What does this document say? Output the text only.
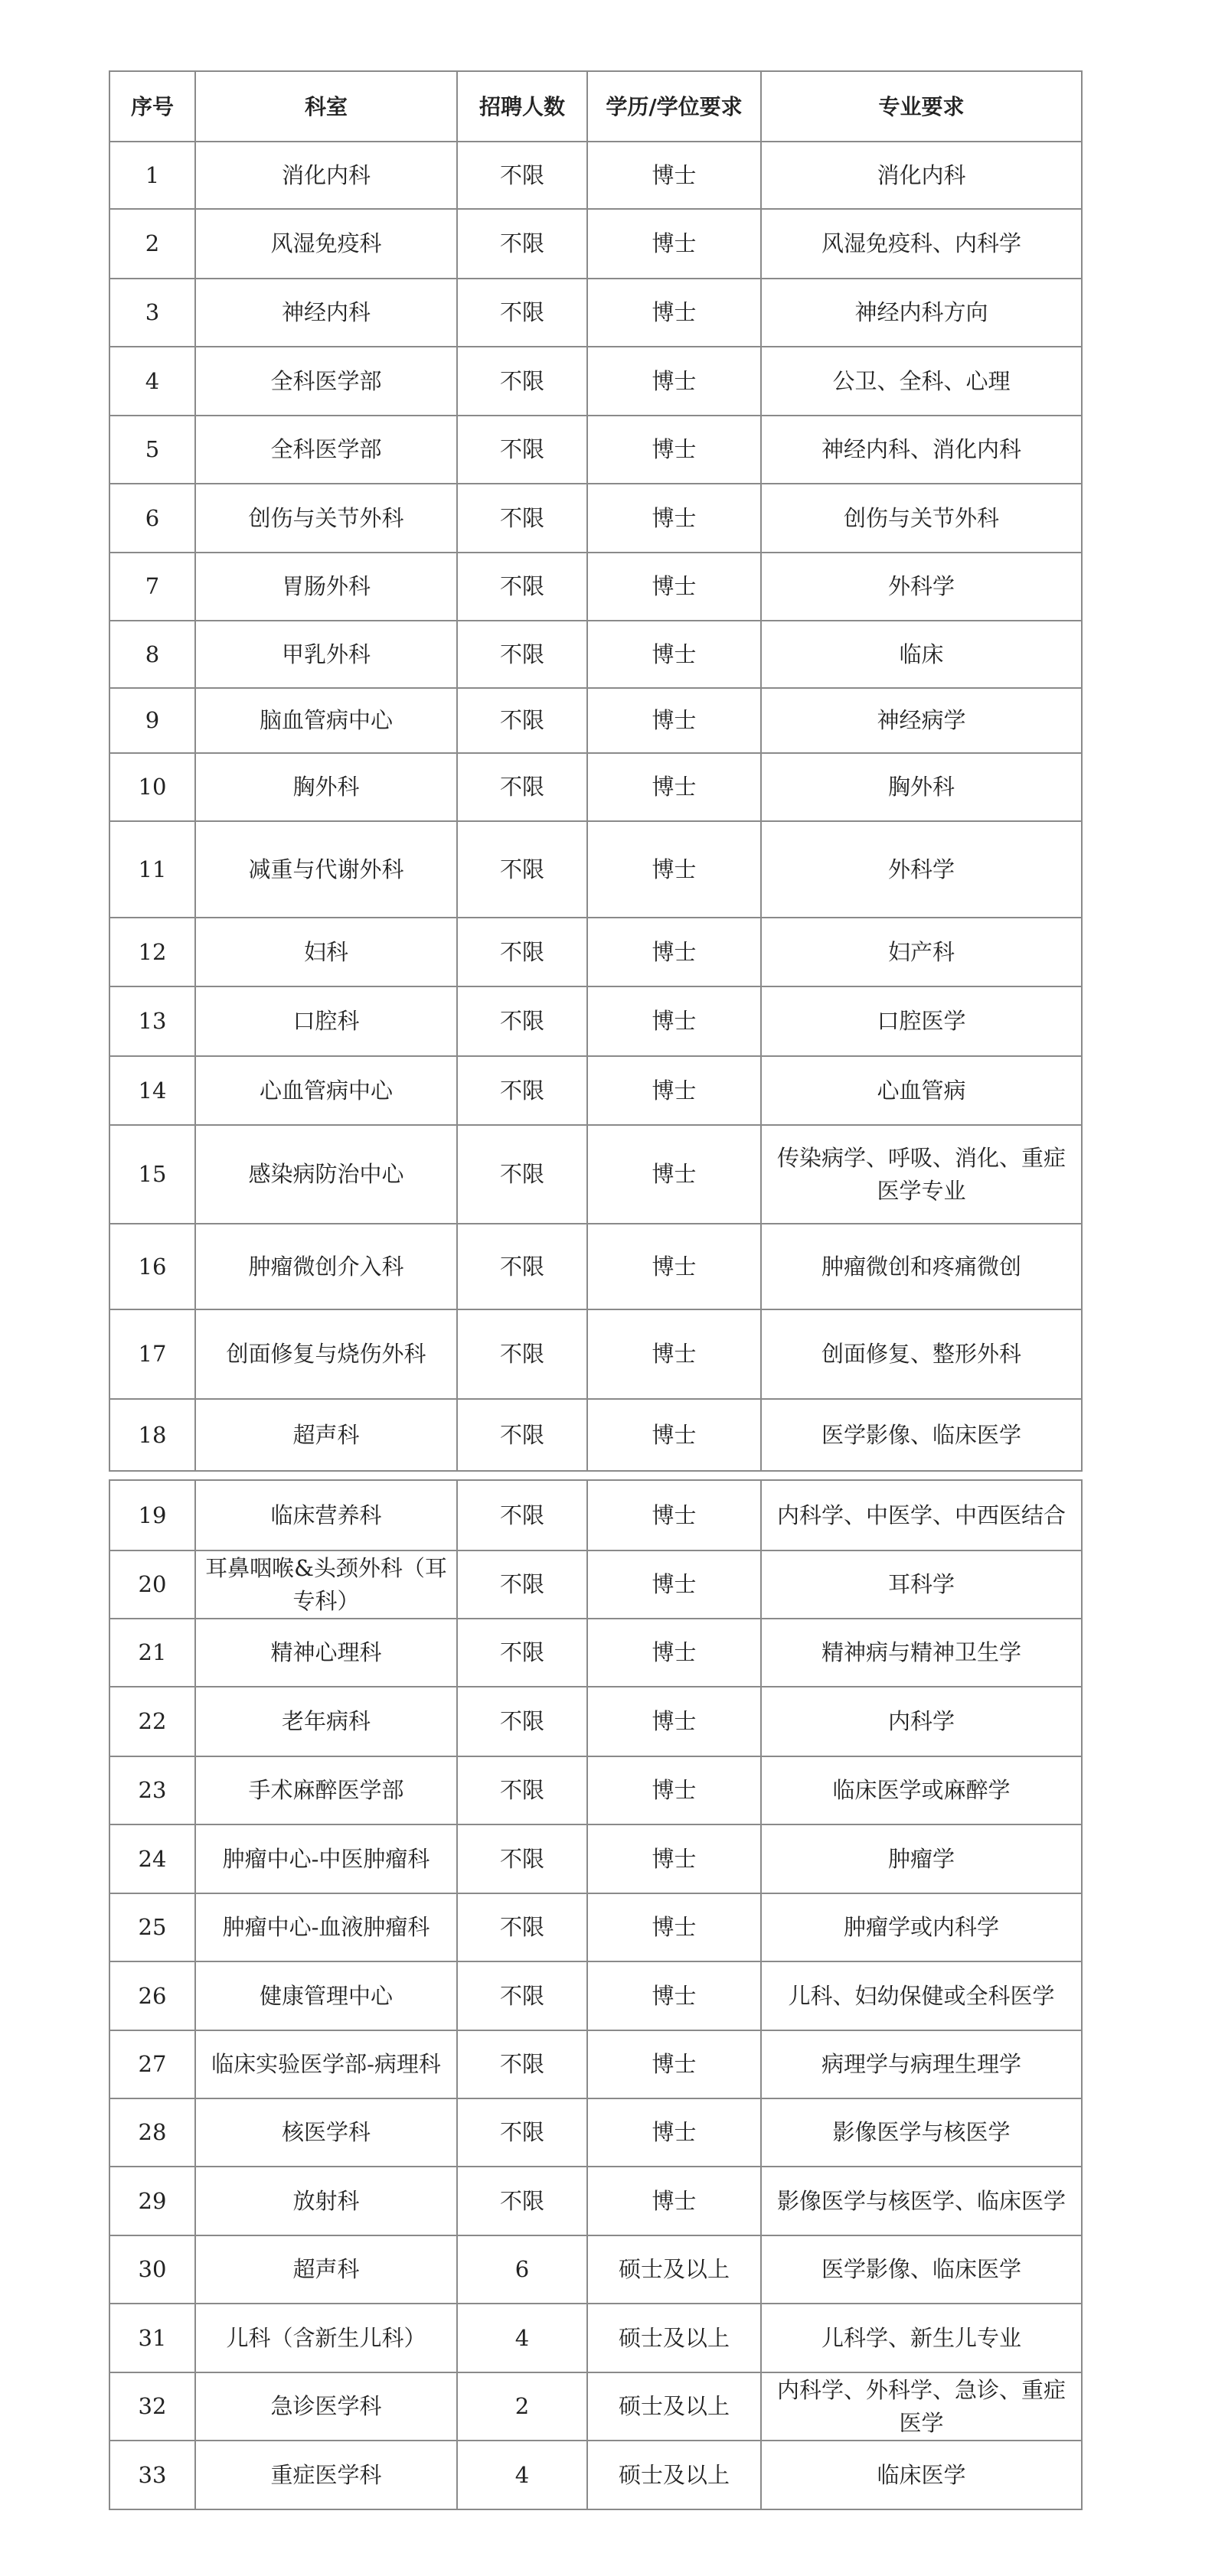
序号	科室	招聘人数	学历/学位要求	专业要求
1	消化内科	不限	博士	消化内科
2	风湿免疫科	不限	博士	风湿免疫科、内科学
3	神经内科	不限	博士	神经内科方向
4	全科医学部	不限	博士	公卫、全科、心理
5	全科医学部	不限	博士	神经内科、消化内科
6	创伤与关节外科	不限	博士	创伤与关节外科
7	胃肠外科	不限	博士	外科学
8	甲乳外科	不限	博士	临床
9	脑血管病中心	不限	博士	神经病学
10	胸外科	不限	博士	胸外科
11	减重与代谢外科	不限	博士	外科学
12	妇科	不限	博士	妇产科
13	口腔科	不限	博士	口腔医学
14	心血管病中心	不限	博士	心血管病
15	感染病防治中心	不限	博士	传染病学、呼吸、消化、重症医学专业
16	肿瘤微创介入科	不限	博士	肿瘤微创和疼痛微创
17	创面修复与烧伤外科	不限	博士	创面修复、整形外科
18	超声科	不限	博士	医学影像、临床医学
19	临床营养科	不限	博士	内科学、中医学、中西医结合
20	耳鼻咽喉&头颈外科（耳专科）	不限	博士	耳科学
21	精神心理科	不限	博士	精神病与精神卫生学
22	老年病科	不限	博士	内科学
23	手术麻醉医学部	不限	博士	临床医学或麻醉学
24	肿瘤中心-中医肿瘤科	不限	博士	肿瘤学
25	肿瘤中心-血液肿瘤科	不限	博士	肿瘤学或内科学
26	健康管理中心	不限	博士	儿科、妇幼保健或全科医学
27	临床实验医学部-病理科	不限	博士	病理学与病理生理学
28	核医学科	不限	博士	影像医学与核医学
29	放射科	不限	博士	影像医学与核医学、临床医学
30	超声科	6	硕士及以上	医学影像、临床医学
31	儿科（含新生儿科）	4	硕士及以上	儿科学、新生儿专业
32	急诊医学科	2	硕士及以上	内科学、外科学、急诊、重症医学
33	重症医学科	4	硕士及以上	临床医学
